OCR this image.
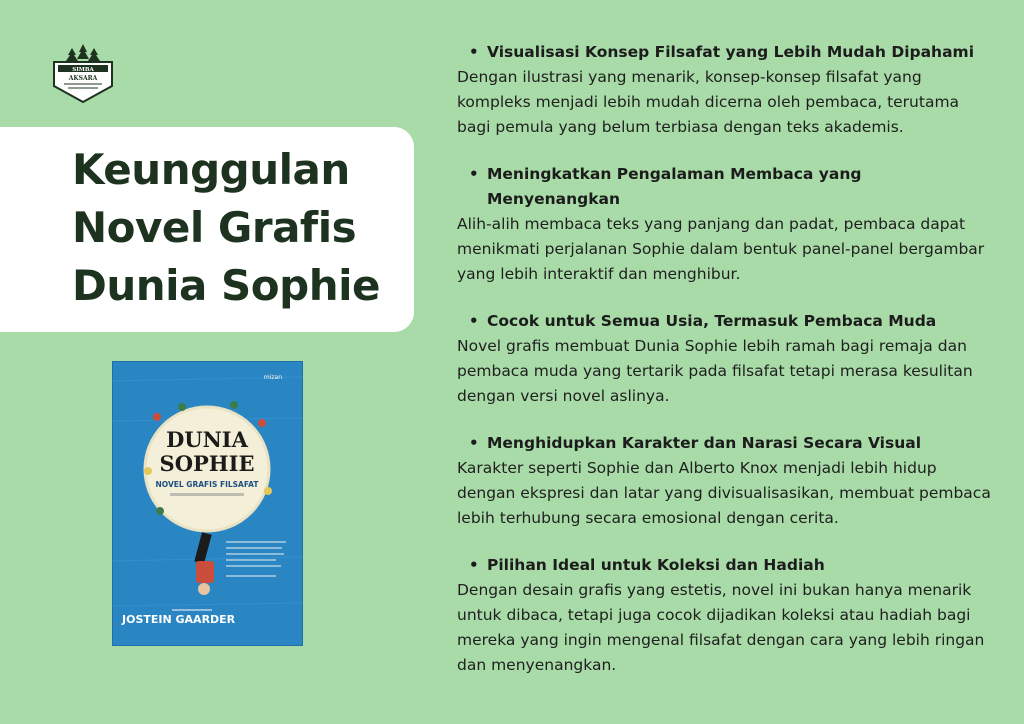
SIMBA
AKSARA
Keunggulan
Novel Grafis
Dunia Sophie
DUNIA
SOPHIE
NOVEL GRAFIS FILSAFAT
JOSTEIN GAARDER
mizan
• Visualisasi Konsep Filsafat yang Lebih Mudah Dipahami

Dengan ilustrasi yang menarik, konsep-konsep filsafat yang kompleks menjadi lebih mudah dicerna oleh pembaca, terutama bagi pemula yang belum terbiasa dengan teks akademis.

• Meningkatkan Pengalaman Membaca yang Menyenangkan

Alih-alih membaca teks yang panjang dan padat, pembaca dapat menikmati perjalanan Sophie dalam bentuk panel-panel bergambar yang lebih interaktif dan menghibur.

• Cocok untuk Semua Usia, Termasuk Pembaca Muda

Novel grafis membuat Dunia Sophie lebih ramah bagi remaja dan pembaca muda yang tertarik pada filsafat tetapi merasa kesulitan dengan versi novel aslinya.

• Menghidupkan Karakter dan Narasi Secara Visual

Karakter seperti Sophie dan Alberto Knox menjadi lebih hidup dengan ekspresi dan latar yang divisualisasikan, membuat pembaca lebih terhubung secara emosional dengan cerita.

• Pilihan Ideal untuk Koleksi dan Hadiah

Dengan desain grafis yang estetis, novel ini bukan hanya menarik untuk dibaca, tetapi juga cocok dijadikan koleksi atau hadiah bagi mereka yang ingin mengenal filsafat dengan cara yang lebih ringan dan menyenangkan.
